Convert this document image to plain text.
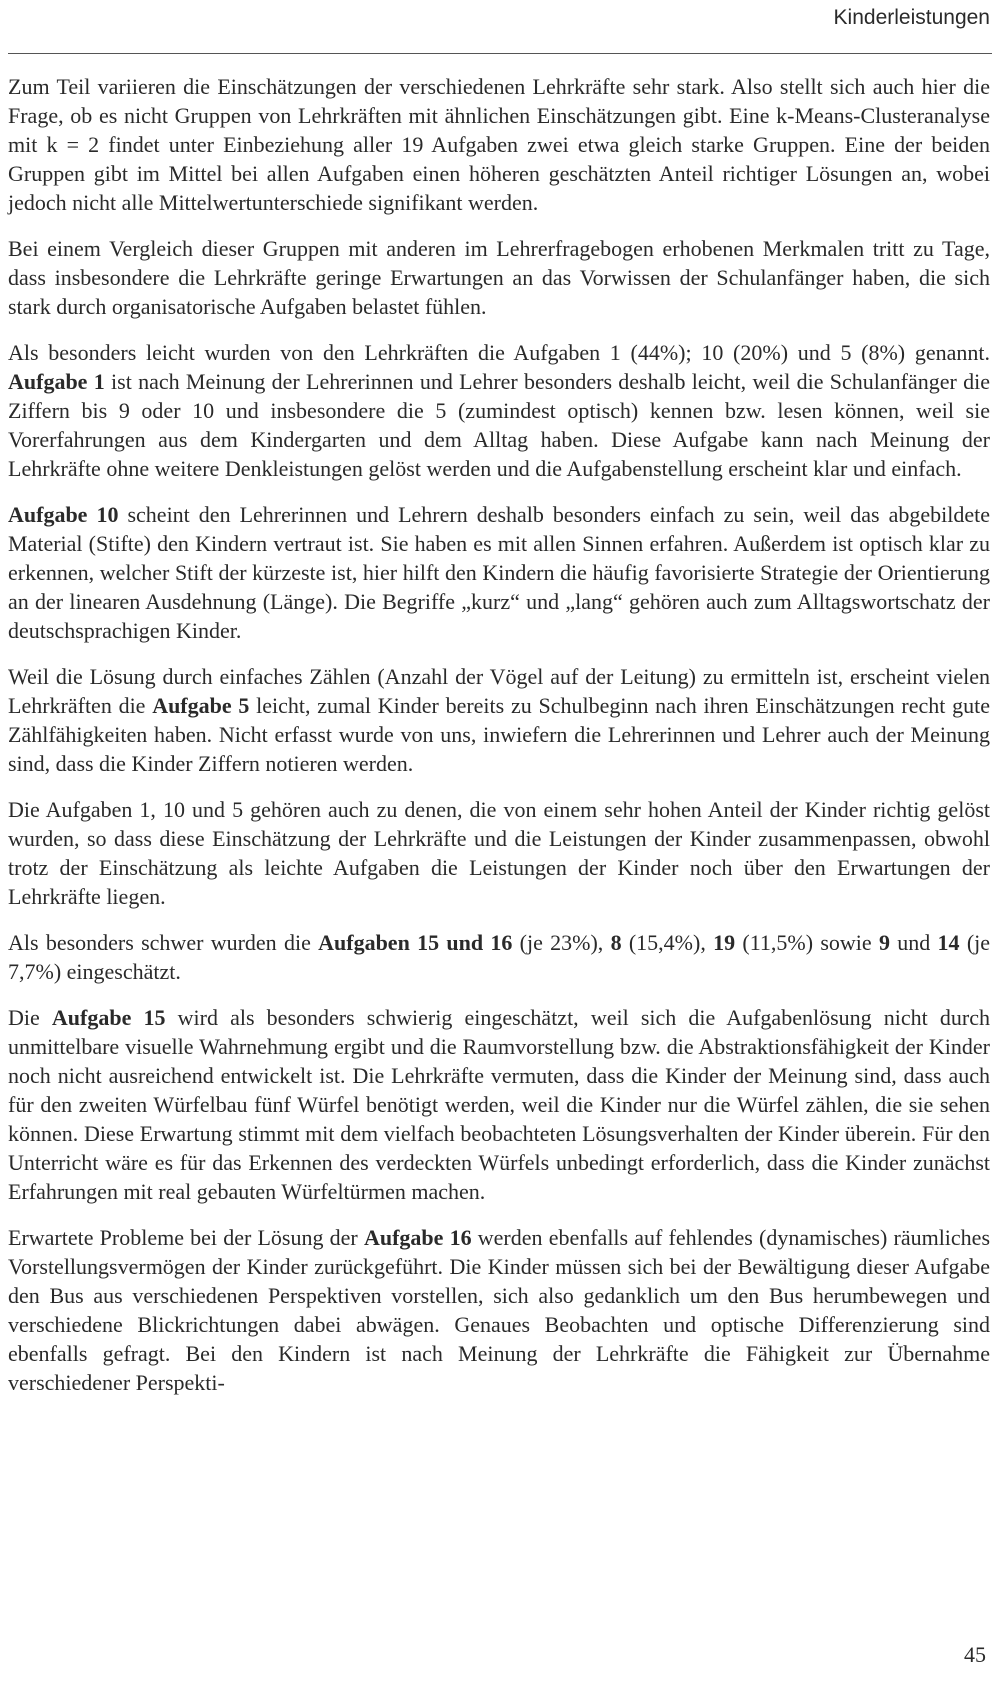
Kinderleistungen

Zum Teil variieren die Einschätzungen der verschiedenen Lehrkräfte sehr stark. Also stellt sich auch hier die Frage, ob es nicht Gruppen von Lehrkräften mit ähnlichen Einschätzungen gibt. Eine k-Means-Clusteranalyse mit k = 2 findet unter Einbeziehung aller 19 Aufgaben zwei etwa gleich starke Gruppen. Eine der beiden Gruppen gibt im Mittel bei allen Aufgaben einen höheren geschätzten Anteil richtiger Lösungen an, wobei jedoch nicht alle Mittelwertunterschiede signifikant werden.

Bei einem Vergleich dieser Gruppen mit anderen im Lehrerfragebogen erhobenen Merkmalen tritt zu Tage, dass insbesondere die Lehrkräfte geringe Erwartungen an das Vorwissen der Schulanfänger haben, die sich stark durch organisatorische Aufgaben belastet fühlen.

Als besonders leicht wurden von den Lehrkräften die Aufgaben 1 (44%); 10 (20%) und 5 (8%) genannt. Aufgabe 1 ist nach Meinung der Lehrerinnen und Lehrer besonders deshalb leicht, weil die Schulanfänger die Ziffern bis 9 oder 10 und insbesondere die 5 (zumindest optisch) kennen bzw. lesen können, weil sie Vorerfahrungen aus dem Kindergarten und dem Alltag haben. Diese Aufgabe kann nach Meinung der Lehrkräfte ohne weitere Denkleistungen gelöst werden und die Aufgabenstellung erscheint klar und einfach.

Aufgabe 10 scheint den Lehrerinnen und Lehrern deshalb besonders einfach zu sein, weil das abgebildete Material (Stifte) den Kindern vertraut ist. Sie haben es mit allen Sinnen erfahren. Außerdem ist optisch klar zu erkennen, welcher Stift der kürzeste ist, hier hilft den Kindern die häufig favorisierte Strategie der Orientierung an der linearen Ausdehnung (Länge). Die Begriffe „kurz“ und „lang“ gehören auch zum Alltagswortschatz der deutschsprachigen Kinder.

Weil die Lösung durch einfaches Zählen (Anzahl der Vögel auf der Leitung) zu ermitteln ist, erscheint vielen Lehrkräften die Aufgabe 5 leicht, zumal Kinder bereits zu Schulbeginn nach ihren Einschätzungen recht gute Zählfähigkeiten haben. Nicht erfasst wurde von uns, inwiefern die Lehrerinnen und Lehrer auch der Meinung sind, dass die Kinder Ziffern notieren werden.

Die Aufgaben 1, 10 und 5 gehören auch zu denen, die von einem sehr hohen Anteil der Kinder richtig gelöst wurden, so dass diese Einschätzung der Lehrkräfte und die Leistungen der Kinder zusammenpassen, obwohl trotz der Einschätzung als leichte Aufgaben die Leistungen der Kinder noch über den Erwartungen der Lehrkräfte liegen.

Als besonders schwer wurden die Aufgaben 15 und 16 (je 23%), 8 (15,4%), 19 (11,5%) sowie 9 und 14 (je 7,7%) eingeschätzt.

Die Aufgabe 15 wird als besonders schwierig eingeschätzt, weil sich die Aufgabenlösung nicht durch unmittelbare visuelle Wahrnehmung ergibt und die Raumvorstellung bzw. die Abstraktionsfähigkeit der Kinder noch nicht ausreichend entwickelt ist. Die Lehrkräfte vermuten, dass die Kinder der Meinung sind, dass auch für den zweiten Würfelbau fünf Würfel benötigt werden, weil die Kinder nur die Würfel zählen, die sie sehen können. Diese Erwartung stimmt mit dem vielfach beobachteten Lösungsverhalten der Kinder überein. Für den Unterricht wäre es für das Erkennen des verdeckten Würfels unbedingt erforderlich, dass die Kinder zunächst Erfahrungen mit real gebauten Würfeltürmen machen.

Erwartete Probleme bei der Lösung der Aufgabe 16 werden ebenfalls auf fehlendes (dynamisches) räumliches Vorstellungsvermögen der Kinder zurückgeführt. Die Kinder müssen sich bei der Bewältigung dieser Aufgabe den Bus aus verschiedenen Perspektiven vorstellen, sich also gedanklich um den Bus herumbewegen und verschiedene Blickrichtungen dabei abwägen. Genaues Beobachten und optische Differenzierung sind ebenfalls gefragt. Bei den Kindern ist nach Meinung der Lehrkräfte die Fähigkeit zur Übernahme verschiedener Perspekti-

45
